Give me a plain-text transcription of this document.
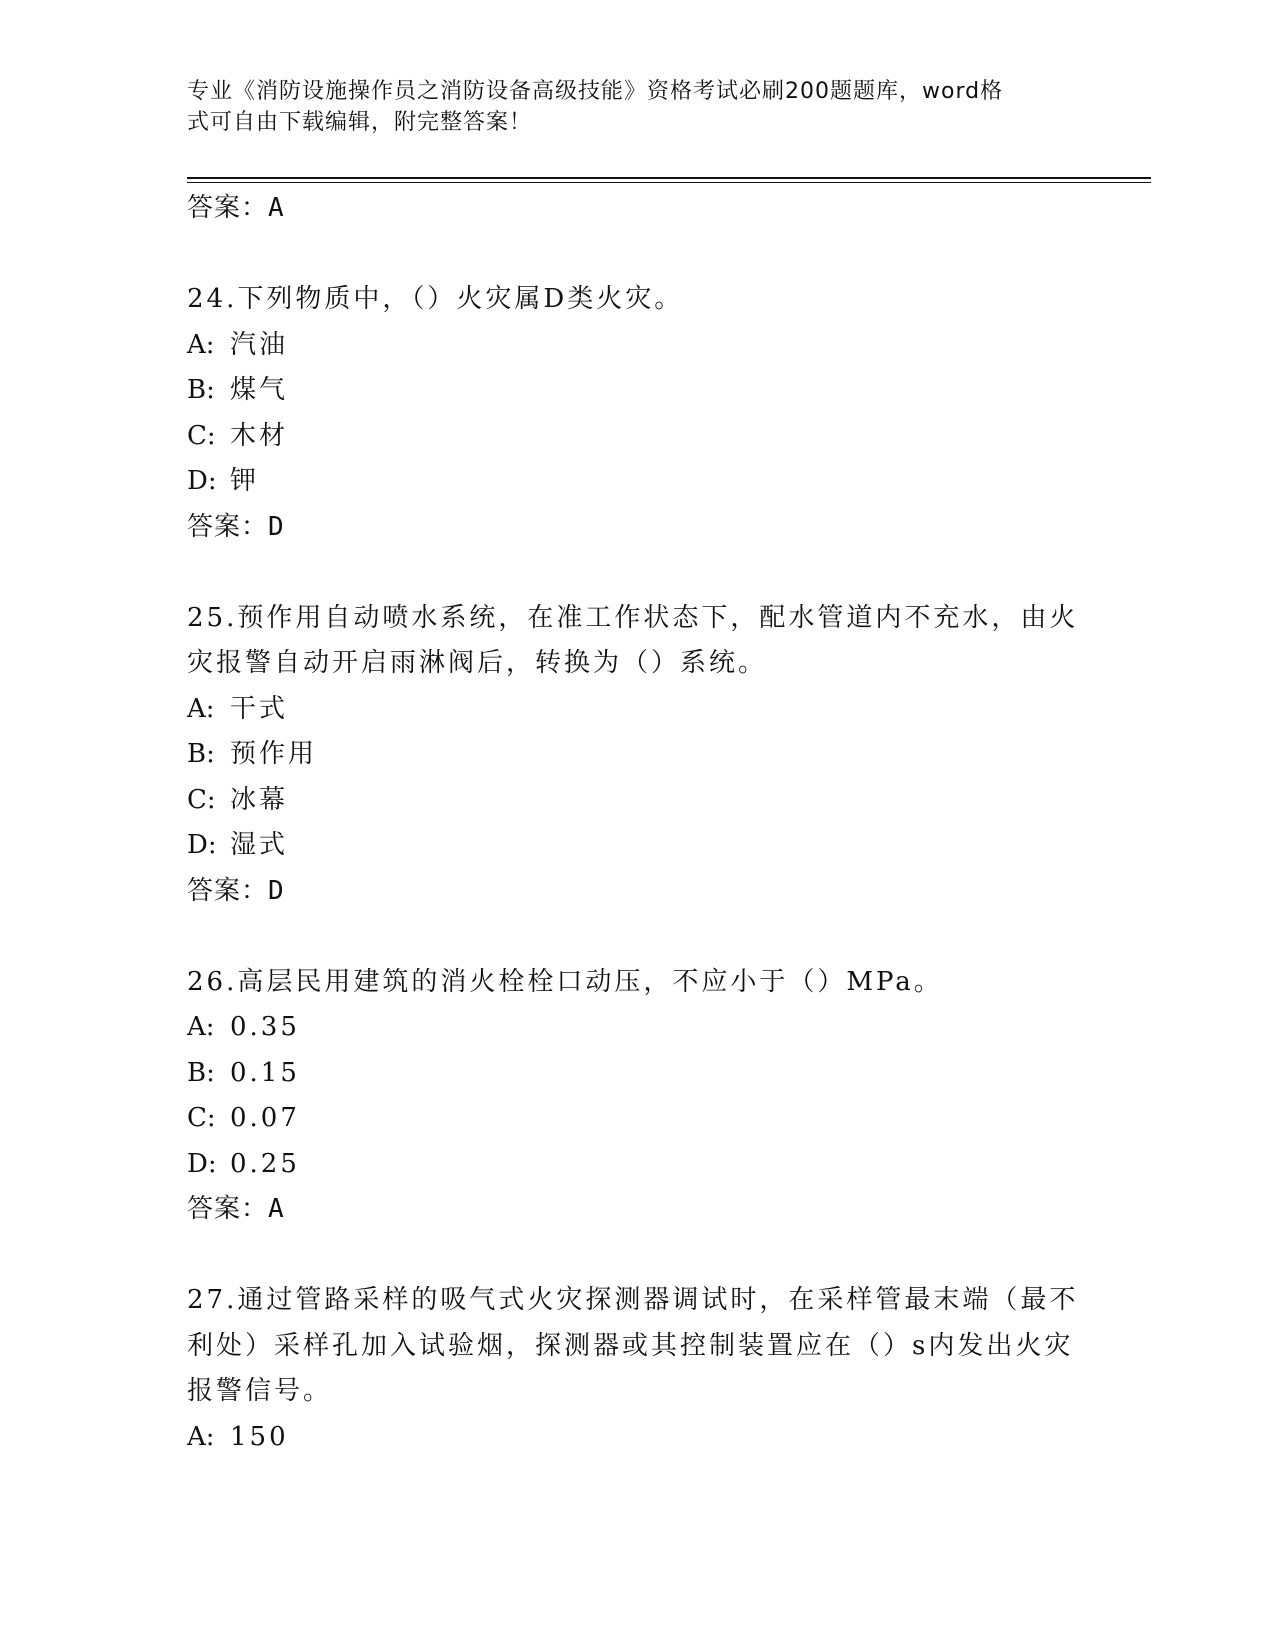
专业《消防设施操作员之消防设备高级技能》资格考试必刷200题题库，word格
式可自由下载编辑，附完整答案！
答案：A
24.下列物质中，（）火灾属D类火灾。
A: 汽油
B: 煤气
C: 木材
D: 钾
答案：D
25.预作用自动喷水系统，在准工作状态下，配水管道内不充水，由火
灾报警自动开启雨淋阀后，转换为（）系统。
A: 干式
B: 预作用
C: 冰幕
D: 湿式
答案：D
26.高层民用建筑的消火栓栓口动压，不应小于（）MPa。
A: 0.35
B: 0.15
C: 0.07
D: 0.25
答案：A
27.通过管路采样的吸气式火灾探测器调试时，在采样管最末端（最不
利处）采样孔加入试验烟，探测器或其控制装置应在（）s内发出火灾
报警信号。
A: 150
